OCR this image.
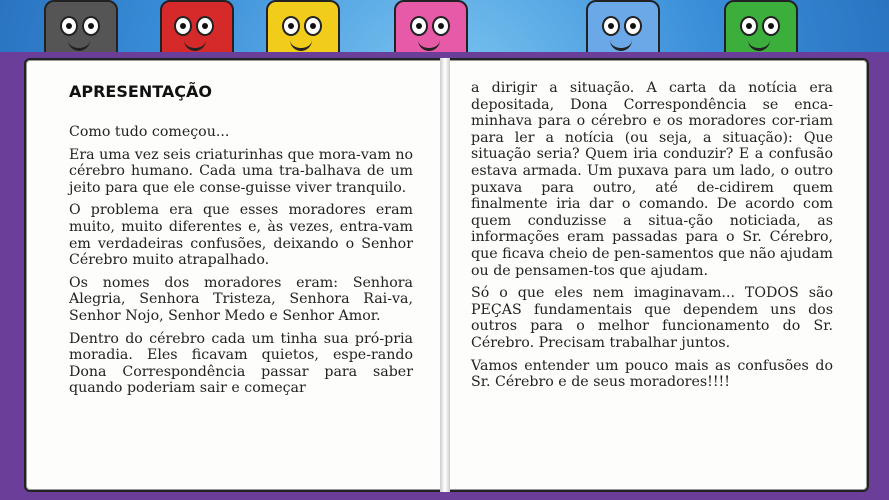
APRESENTAÇÃO

Como tudo começou...

Era uma vez seis criaturinhas que mora-vam no cérebro humano. Cada uma tra-balhava de um jeito para que ele conse-guisse viver tranquilo.

O problema era que esses moradores eram muito, muito diferentes e, às vezes, entra-vam em verdadeiras confusões, deixando o Senhor Cérebro muito atrapalhado.

Os nomes dos moradores eram: Senhora Alegria, Senhora Tristeza, Senhora Rai-va, Senhor Nojo, Senhor Medo e Senhor Amor.

Dentro do cérebro cada um tinha sua pró-pria moradia. Eles ficavam quietos, espe-rando Dona Correspondência passar para saber quando poderiam sair e começar

a dirigir a situação. A carta da notícia era depositada, Dona Correspondência se enca-minhava para o cérebro e os moradores cor-riam para ler a notícia (ou seja, a situação): Que situação seria? Quem iria conduzir? E a confusão estava armada. Um puxava para um lado, o outro puxava para outro, até de-cidirem quem finalmente iria dar o comando. De acordo com quem conduzisse a situa-ção noticiada, as informações eram passadas para o Sr. Cérebro, que ficava cheio de pen-samentos que não ajudam ou de pensamen-tos que ajudam.

Só o que eles nem imaginavam... TODOS são PEÇAS fundamentais que dependem uns dos outros para o melhor funcionamento do Sr. Cérebro. Precisam trabalhar juntos.

Vamos entender um pouco mais as confusões do Sr. Cérebro e de seus moradores!!!!
